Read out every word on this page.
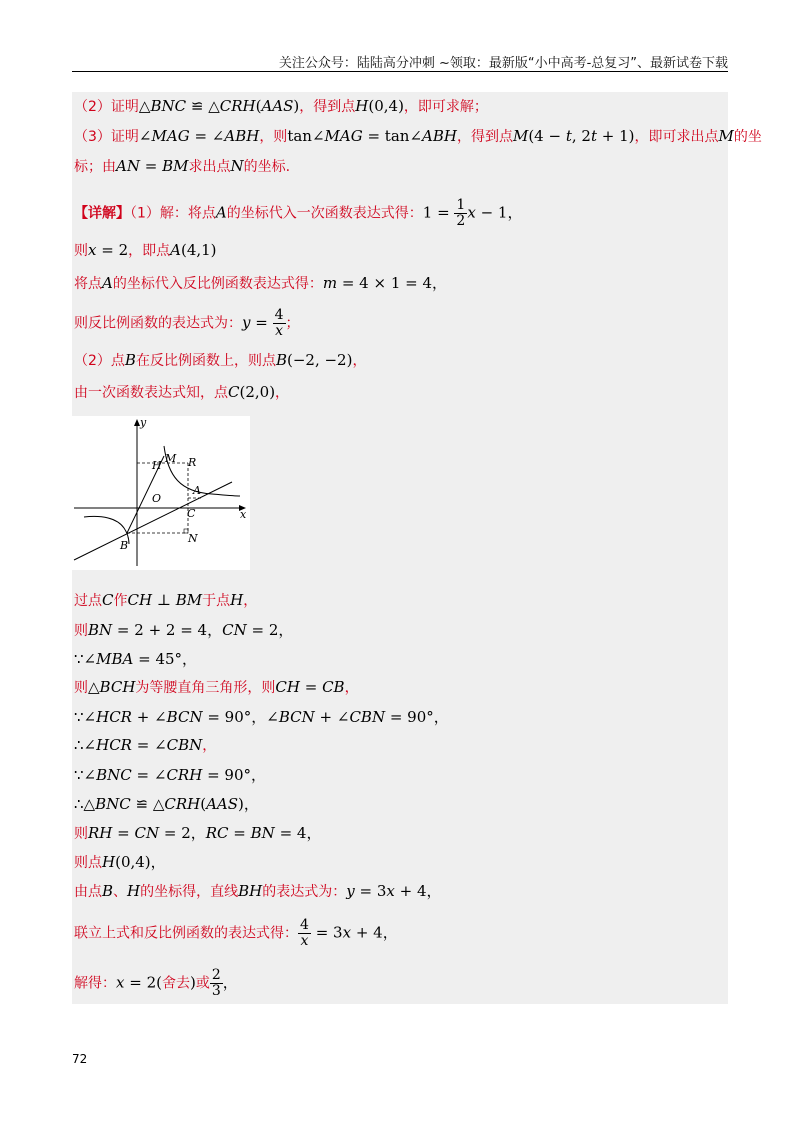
关注公众号：陆陆高分冲刺 ~领取：最新版“小中高考-总复习”、最新试卷下载
（2）证明△BNC ≌ △CRH(AAS)，得到点H(0,4)，即可求解；
（3）证明∠MAG = ∠ABH，则tan∠MAG = tan∠ABH，得到点M(4 − t, 2t + 1)，即可求出点M的坐
标；由AN = BM求出点N的坐标.
【详解】（1）解：将点A的坐标代入一次函数表达式得：$1 = \frac{1}{2}$ x − 1，
则x = 2，即点A(4,1)
将点A的坐标代入反比例函数表达式得：m = 4 × 1 = 4，
则反比例函数的表达式为：$y = \frac{4}{x}$ ；
（2）点B在反比例函数上，则点B(−2, −2)，
由一次函数表达式知，点C(2,0)，
y
x
O
H
M R
A
C
B
N
过点C作CH ⊥ BM于点H，
则BN = 2 + 2 = 4，CN = 2，
∵∠MBA = 45°，
则△BCH为等腰直角三角形，则CH = CB，
∵∠HCR + ∠BCN = 90°，∠BCN + ∠CBN = 90°，
∴∠HCR = ∠CBN，
∵∠BNC = ∠CRH = 90°，
∴△BNC ≌ △CRH(AAS)，
则RH = CN = 2，RC = BN = 4，
则点H(0,4)，
由点B、H的坐标得，直线BH的表达式为：y = 3x + 4，
联立上式和反比例函数的表达式得： $\frac{4}{x} = 3x + 4$，
解得：x = 2(舍去)或 $\frac{2}{3}$ ，
72
